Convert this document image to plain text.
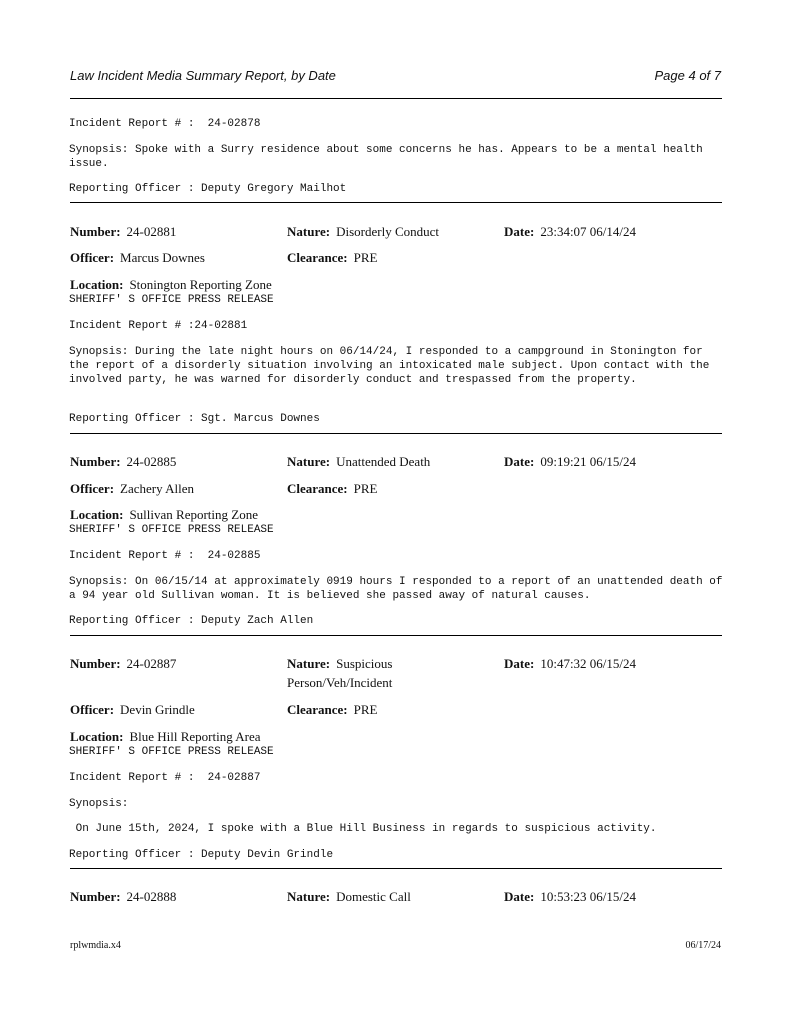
Law Incident Media Summary Report, by Date	Page 4 of 7
Incident Report # :  24-02878
Synopsis: Spoke with a Surry residence about some concerns he has. Appears to be a mental health issue.
Reporting Officer : Deputy Gregory Mailhot
Number: 24-02881	Nature: Disorderly Conduct	Date: 23:34:07 06/14/24
Officer: Marcus Downes	Clearance: PRE
Location: Stonington Reporting Zone
SHERIFF' S OFFICE PRESS RELEASE
Incident Report # :24-02881
Synopsis: During the late night hours on 06/14/24, I responded to a campground in Stonington for the report of a disorderly situation involving an intoxicated male subject. Upon contact with the involved party, he was warned for disorderly conduct and trespassed from the property.
Reporting Officer : Sgt. Marcus Downes
Number: 24-02885	Nature: Unattended Death	Date: 09:19:21 06/15/24
Officer: Zachery Allen	Clearance: PRE
Location: Sullivan Reporting Zone
SHERIFF' S OFFICE PRESS RELEASE
Incident Report # :  24-02885
Synopsis: On 06/15/14 at approximately 0919 hours I responded to a report of an unattended death of a 94 year old Sullivan woman. It is believed she passed away of natural causes.
Reporting Officer : Deputy Zach Allen
Number: 24-02887	Nature: Suspicious Person/Veh/Incident
Date: 10:47:32 06/15/24
Officer: Devin Grindle	Clearance: PRE
Location: Blue Hill Reporting Area
SHERIFF' S OFFICE PRESS RELEASE
Incident Report # :  24-02887
Synopsis:
On June 15th, 2024, I spoke with a Blue Hill Business in regards to suspicious activity.
Reporting Officer : Deputy Devin Grindle
Number: 24-02888	Nature: Domestic Call	Date: 10:53:23 06/15/24
rplwmdia.x4	06/17/24
